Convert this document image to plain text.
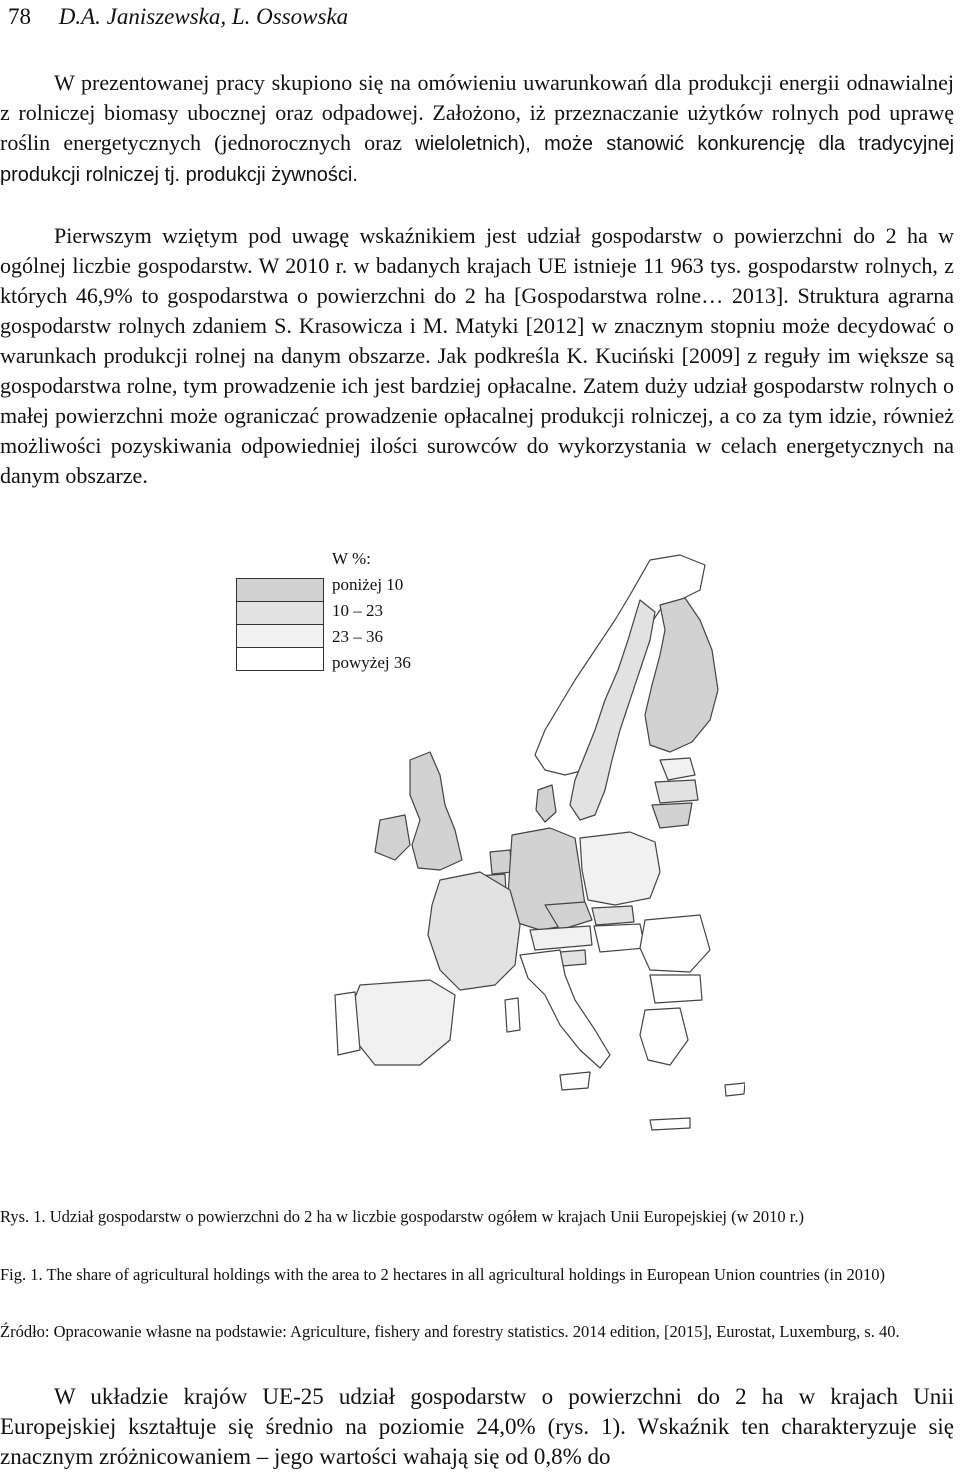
78 D.A. Janiszewska, L. Ossowska

W prezentowanej pracy skupiono się na omówieniu uwarunkowań dla produkcji energii odnawialnej z rolniczej biomasy ubocznej oraz odpadowej. Założono, iż przeznaczanie użytków rolnych pod uprawę roślin energetycznych (jednorocznych oraz wieloletnich), może stanowić konkurencję dla tradycyjnej produkcji rolniczej tj. produkcji żywności.

Pierwszym wziętym pod uwagę wskaźnikiem jest udział gospodarstw o powierzchni do 2 ha w ogólnej liczbie gospodarstw. W 2010 r. w badanych krajach UE istnieje 11 963 tys. gospodarstw rolnych, z których 46,9% to gospodarstwa o powierzchni do 2 ha [Gospodarstwa rolne… 2013]. Struktura agrarna gospodarstw rolnych zdaniem S. Krasowicza i M. Matyki [2012] w znacznym stopniu może decydować o warunkach produkcji rolnej na danym obszarze. Jak podkreśla K. Kuciński [2009] z reguły im większe są gospodarstwa rolne, tym prowadzenie ich jest bardziej opłacalne. Zatem duży udział gospodarstw rolnych o małej powierzchni może ograniczać prowadzenie opłacalnej produkcji rolniczej, a co za tym idzie, również możliwości pozyskiwania odpowiedniej ilości surowców do wykorzystania w celach energetycznych na danym obszarze.

W %:
poniżej 10
10 – 23
23 – 36
powyżej 36

Rys. 1. Udział gospodarstw o powierzchni do 2 ha w liczbie gospodarstw ogółem w krajach Unii Europejskiej (w 2010 r.)

Fig. 1. The share of agricultural holdings with the area to 2 hectares in all agricultural holdings in European Union countries (in 2010)

Źródło: Opracowanie własne na podstawie: Agriculture, fishery and forestry statistics. 2014 edition, [2015], Eurostat, Luxemburg, s. 40.

W układzie krajów UE-25 udział gospodarstw o powierzchni do 2 ha w krajach Unii Europejskiej kształtuje się średnio na poziomie 24,0% (rys. 1). Wskaźnik ten charakteryzuje się znacznym zróżnicowaniem – jego wartości wahają się od 0,8% do
